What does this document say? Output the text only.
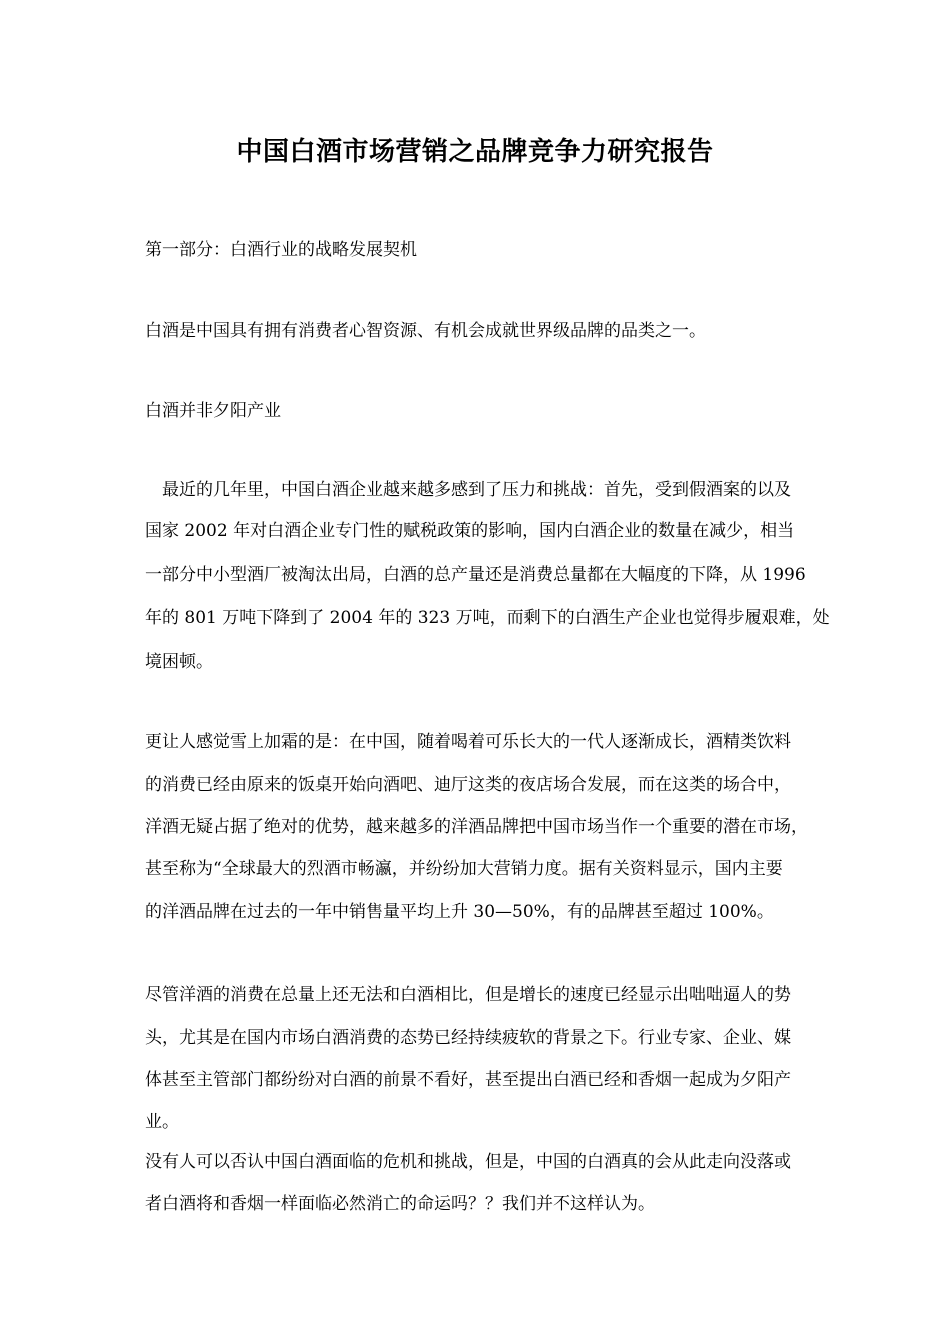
中国白酒市场营销之品牌竞争力研究报告
第一部分：白酒行业的战略发展契机
白酒是中国具有拥有消费者心智资源、有机会成就世界级品牌的品类之一。
白酒并非夕阳产业
最近的几年里，中国白酒企业越来越多感到了压力和挑战：首先，受到假酒案的以及
国家 2002 年对白酒企业专门性的赋税政策的影响，国内白酒企业的数量在减少，相当
一部分中小型酒厂被淘汰出局，白酒的总产量还是消费总量都在大幅度的下降，从 1996
年的 801 万吨下降到了 2004 年的 323 万吨，而剩下的白酒生产企业也觉得步履艰难，处
境困顿。
更让人感觉雪上加霜的是：在中国，随着喝着可乐长大的一代人逐渐成长，酒精类饮料
的消费已经由原来的饭桌开始向酒吧、迪厅这类的夜店场合发展，而在这类的场合中，
洋酒无疑占据了绝对的优势，越来越多的洋酒品牌把中国市场当作一个重要的潜在市场，
甚至称为“全球最大的烈酒市畅瀛，并纷纷加大营销力度。据有关资料显示，国内主要
的洋酒品牌在过去的一年中销售量平均上升 30—50%，有的品牌甚至超过 100%。
尽管洋酒的消费在总量上还无法和白酒相比，但是增长的速度已经显示出咄咄逼人的势
头，尤其是在国内市场白酒消费的态势已经持续疲软的背景之下。行业专家、企业、媒
体甚至主管部门都纷纷对白酒的前景不看好，甚至提出白酒已经和香烟一起成为夕阳产
业。
没有人可以否认中国白酒面临的危机和挑战，但是，中国的白酒真的会从此走向没落或
者白酒将和香烟一样面临必然消亡的命运吗？？我们并不这样认为。
